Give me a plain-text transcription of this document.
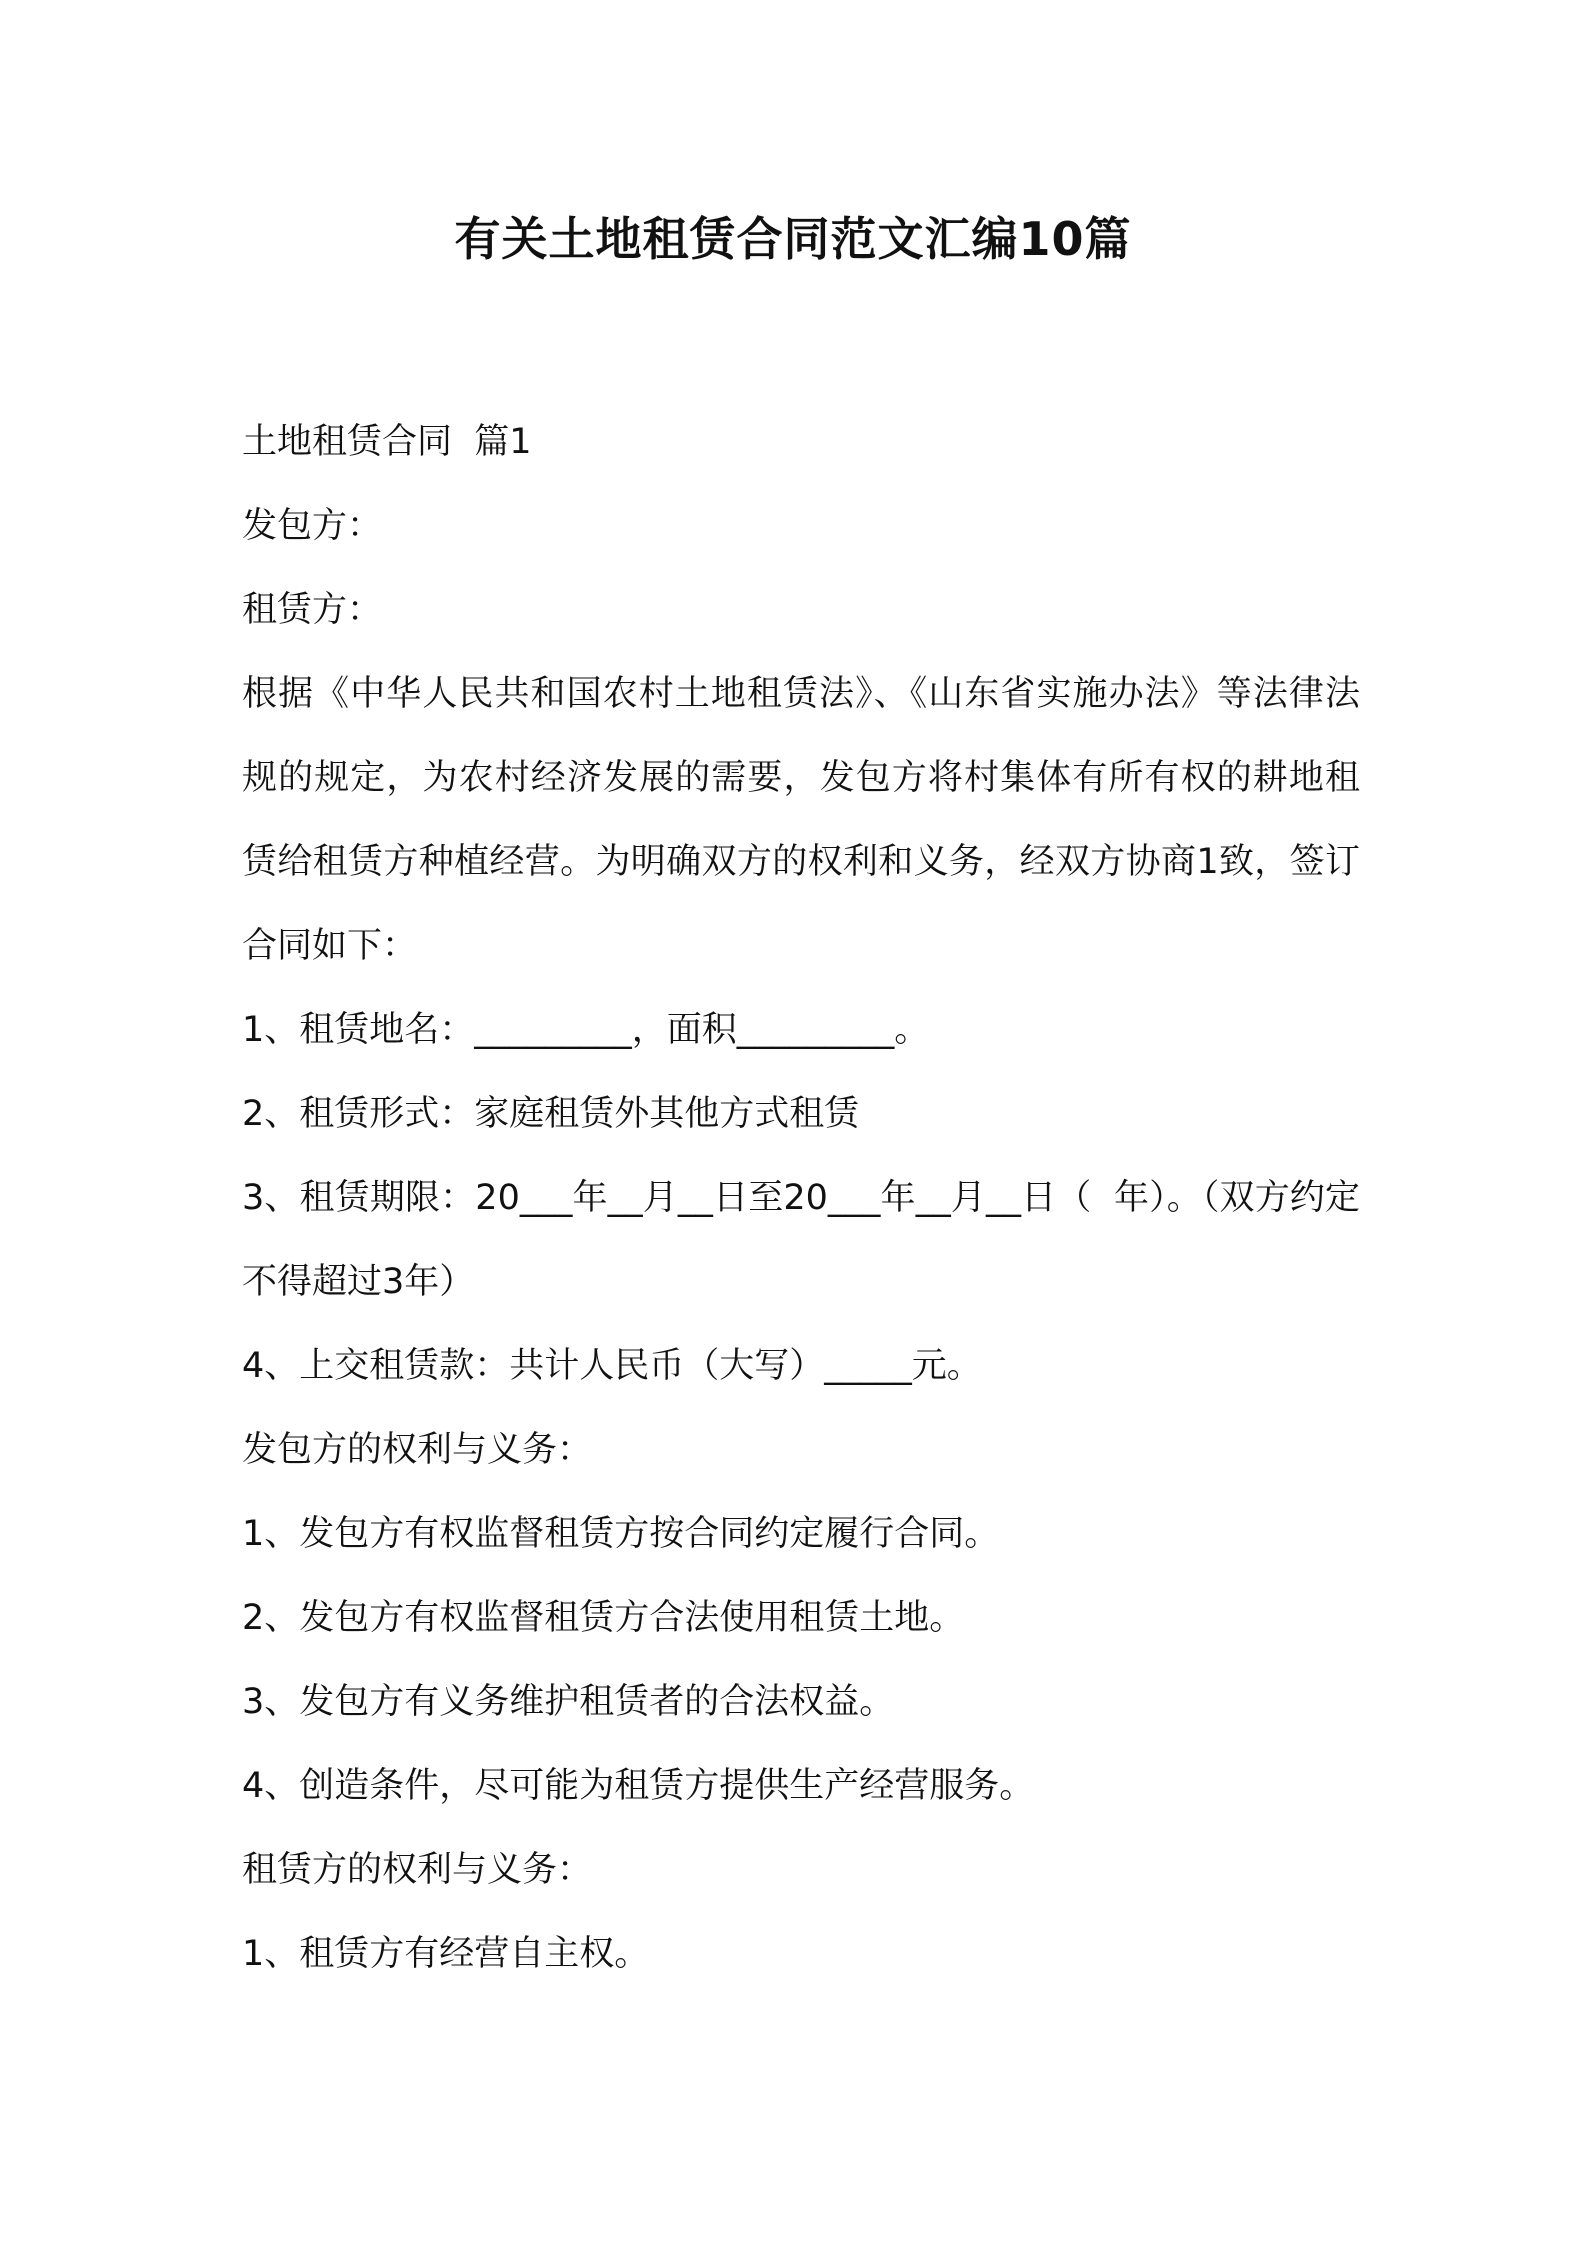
有关土地租赁合同范文汇编10篇

土地租赁合同  篇1

发包方：

租赁方：

根据《中华人民共和国农村土地租赁法》、《山东省实施办法》等法律法规的规定，为农村经济发展的需要，发包方将村集体有所有权的耕地租赁给租赁方种植经营。为明确双方的权利和义务，经双方协商1致，签订合同如下：

1、租赁地名：_________，面积_________。

2、租赁形式：家庭租赁外其他方式租赁

3、租赁期限：20___年__月__日至20___年__月__日（  年）。（双方约定不得超过3年）

4、上交租赁款：共计人民币（大写）_____元。

发包方的权利与义务：

1、发包方有权监督租赁方按合同约定履行合同。

2、发包方有权监督租赁方合法使用租赁土地。

3、发包方有义务维护租赁者的合法权益。

4、创造条件，尽可能为租赁方提供生产经营服务。

租赁方的权利与义务：

1、租赁方有经营自主权。
